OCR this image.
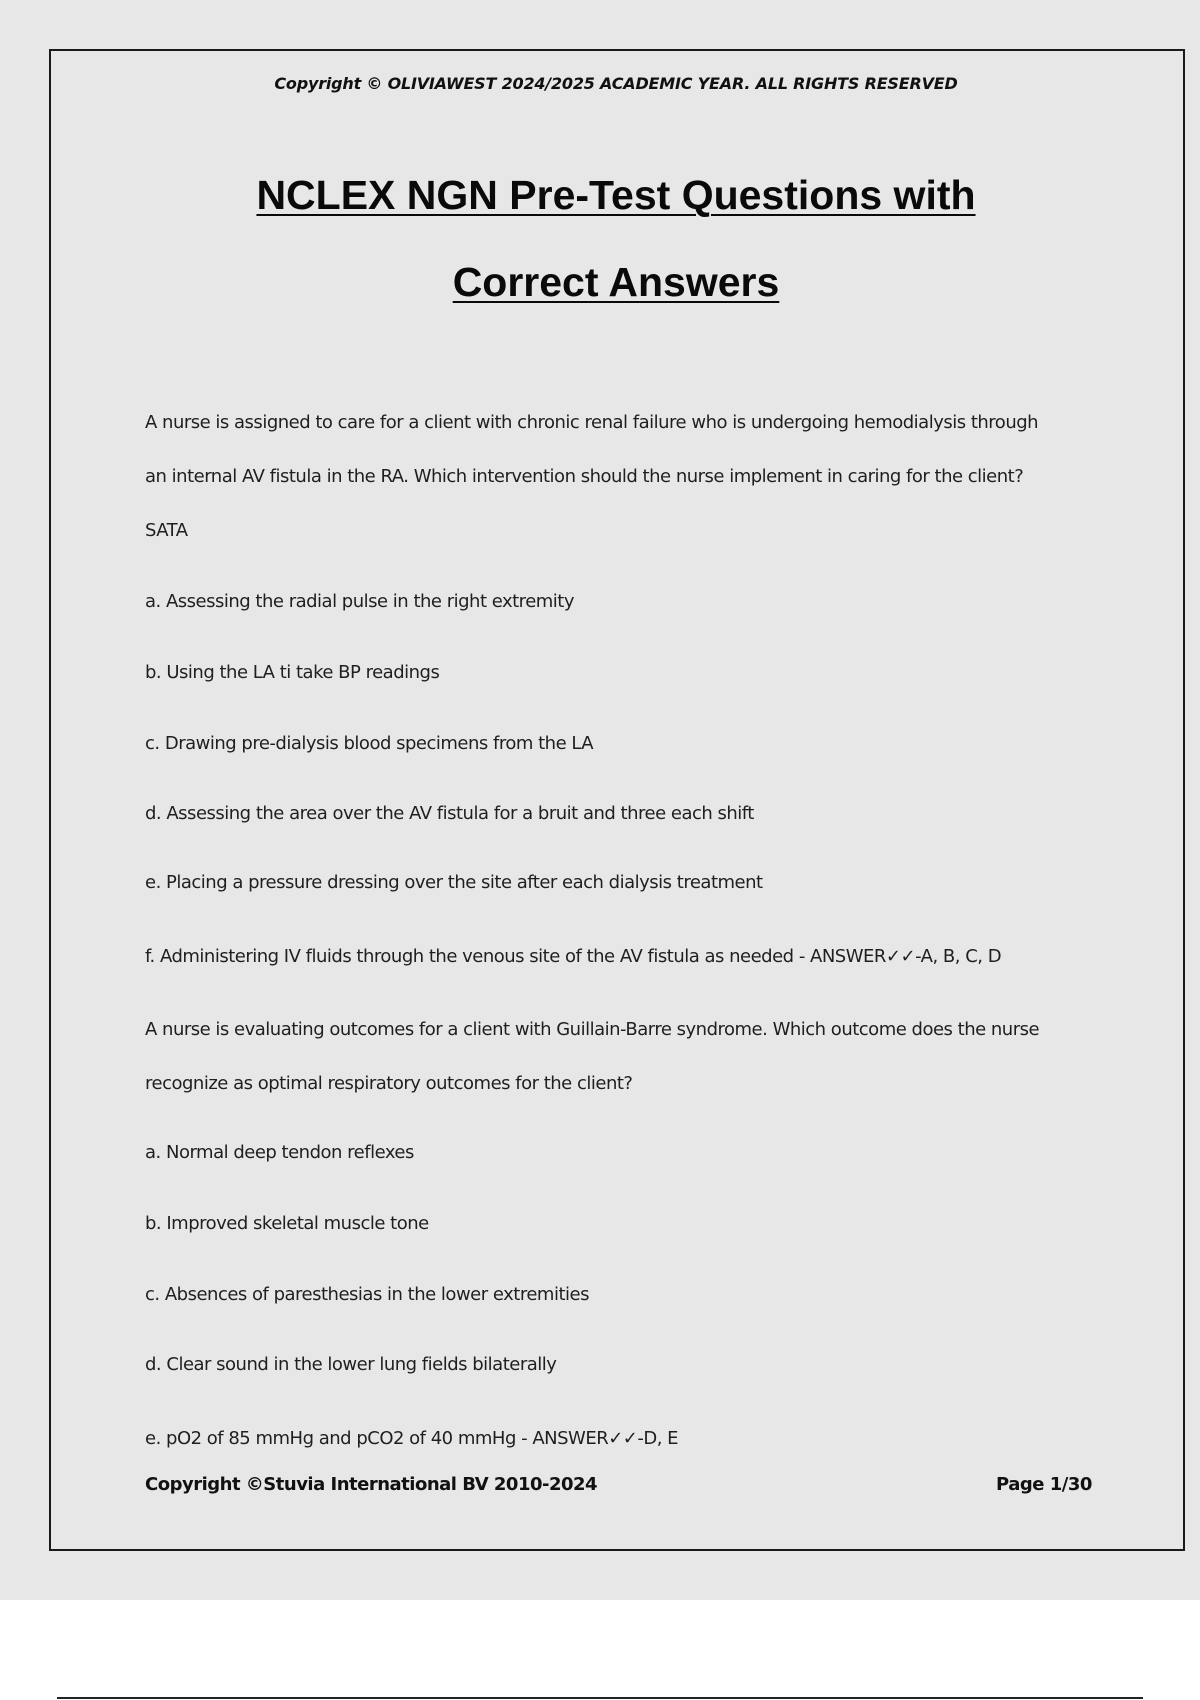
Copyright © OLIVIAWEST 2024/2025 ACADEMIC YEAR. ALL RIGHTS RESERVED
NCLEX NGN Pre-Test Questions with
Correct Answers
A nurse is assigned to care for a client with chronic renal failure who is undergoing hemodialysis through
an internal AV fistula in the RA. Which intervention should the nurse implement in caring for the client?
SATA
a. Assessing the radial pulse in the right extremity
b. Using the LA ti take BP readings
c. Drawing pre-dialysis blood specimens from the LA
d. Assessing the area over the AV fistula for a bruit and three each shift
e. Placing a pressure dressing over the site after each dialysis treatment
f. Administering IV fluids through the venous site of the AV fistula as needed - ANSWER✓✓-A, B, C, D
A nurse is evaluating outcomes for a client with Guillain-Barre syndrome. Which outcome does the nurse
recognize as optimal respiratory outcomes for the client?
a. Normal deep tendon reflexes
b. Improved skeletal muscle tone
c. Absences of paresthesias in the lower extremities
d. Clear sound in the lower lung fields bilaterally
e. pO2 of 85 mmHg and pCO2 of 40 mmHg - ANSWER✓✓-D, E
Copyright ©Stuvia International BV 2010-2024	Page 1/30
